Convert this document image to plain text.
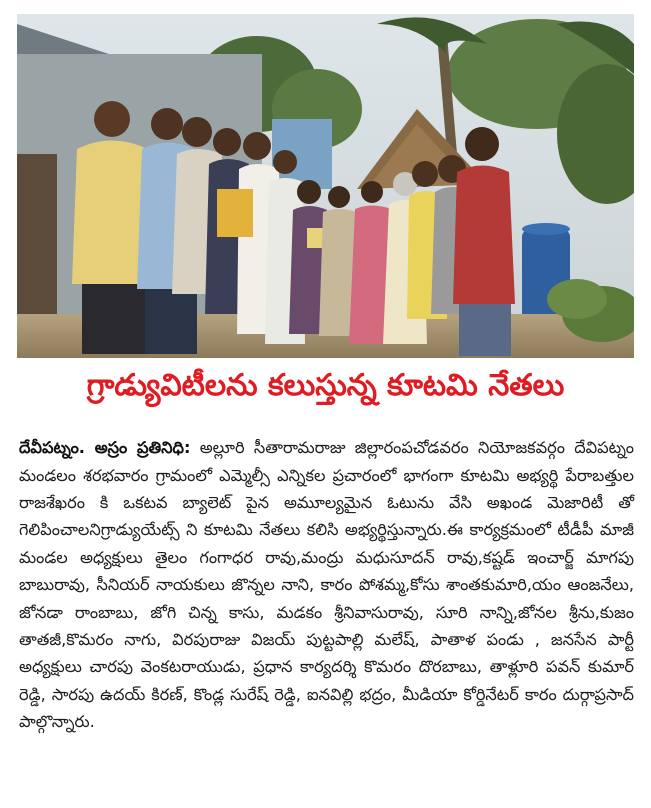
గ్రాడ్యువిటీలను కలుస్తున్న కూటమి నేతలు

దేవీపట్నం. అస్రం ప్రతినిధి: అల్లూరి సీతారామరాజు జిల్లారంపచోడవరం నియోజకవర్గం దేవిపట్నం మండలం శరభవారం గ్రామంలో ఎమ్మెల్సీ ఎన్నికల ప్రచారంలో భాగంగా కూటమి అభ్యర్థి పేరాబత్తుల రాజశేఖరం కి ఒకటవ బ్యాలెట్ పైన అమూల్యమైన ఓటును వేసి అఖండ మెజారిటీ తో గెలిపించాలనిగ్రాడ్యుయేట్స్ ని కూటమి నేతలు కలిసి అభ్యర్థిస్తున్నారు.ఈ కార్యక్రమంలో టీడీపీ మాజీ మండల అధ్యక్షులు తైలం గంగాధర రావు,మంద్రు మధుసూదన్ రావు,కష్టడ్ ఇంచార్జ్ మాగపు బాబురావు, సీనియర్ నాయకులు జొన్నల నాని, కారం పోశమ్మ,కోసు శాంతకుమారి,యం ఆంజనేలు, జోనడా రాంబాబు, జోగి చిన్న కాసు, మడకం శ్రీనివాసురావు, సూరి నాన్ని,జోనల శ్రీను,కుజం తాతజీ,కొమరం నాగు, విరపురాజు విజయ్ పుట్టపాల్లి మలేష్, పాతాళ పండు , జనసేన పార్టీ అధ్యక్షులు చారపు వెంకటరాయుడు, ప్రధాన కార్యదర్శి కొమరం దొరబాబు, తాళ్లూరి పవన్ కుమార్ రెడ్డి, సారపు ఉదయ్ కిరణ్, కొండ్ల సురేష్ రెడ్డి, ఐనవిల్లి భద్రం, మీడియా కోర్డినేటర్ కారం దుర్గాప్రసాద్ పాల్గొన్నారు.
